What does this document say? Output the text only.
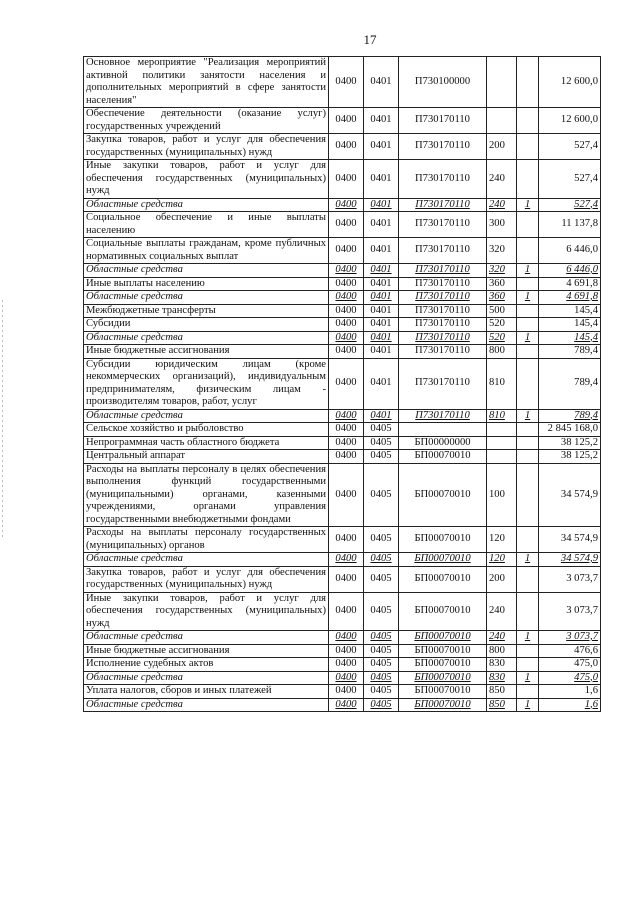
17
Основное мероприятие "Реализация мероприятий активной политики занятости населения и дополнительных мероприятий в сфере занятости населения"	0400	0401	П730100000			12 600,0
Обеспечение деятельности (оказание услуг) государственных учреждений	0400	0401	П730170110			12 600,0
Закупка товаров, работ и услуг для обеспечения государственных (муниципальных) нужд	0400	0401	П730170110	200		527,4
Иные закупки товаров, работ и услуг для обеспечения государственных (муниципальных) нужд	0400	0401	П730170110	240		527,4
Областные средства	0400	0401	П730170110	240	1	527,4
Социальное обеспечение и иные выплаты населению	0400	0401	П730170110	300		11 137,8
Социальные выплаты гражданам, кроме публичных нормативных социальных выплат	0400	0401	П730170110	320		6 446,0
Областные средства	0400	0401	П730170110	320	1	6 446,0
Иные выплаты населению	0400	0401	П730170110	360		4 691,8
Областные средства	0400	0401	П730170110	360	1	4 691,8
Межбюджетные трансферты	0400	0401	П730170110	500		145,4
Субсидии	0400	0401	П730170110	520		145,4
Областные средства	0400	0401	П730170110	520	1	145,4
Иные бюджетные ассигнования	0400	0401	П730170110	800		789,4
Субсидии юридическим лицам (кроме некоммерческих организаций), индивидуальным предпринимателям, физическим лицам - производителям товаров, работ, услуг	0400	0401	П730170110	810		789,4
Областные средства	0400	0401	П730170110	810	1	789,4
Сельское хозяйство и рыболовство	0400	0405				2 845 168,0
Непрограммная часть областного бюджета	0400	0405	БП00000000			38 125,2
Центральный аппарат	0400	0405	БП00070010			38 125,2
Расходы на выплаты персоналу в целях обеспечения выполнения функций государственными (муниципальными) органами, казенными учреждениями, органами управления государственными внебюджетными фондами	0400	0405	БП00070010	100		34 574,9
Расходы на выплаты персоналу государственных (муниципальных) органов	0400	0405	БП00070010	120		34 574,9
Областные средства	0400	0405	БП00070010	120	1	34 574,9
Закупка товаров, работ и услуг для обеспечения государственных (муниципальных) нужд	0400	0405	БП00070010	200		3 073,7
Иные закупки товаров, работ и услуг для обеспечения государственных (муниципальных) нужд	0400	0405	БП00070010	240		3 073,7
Областные средства	0400	0405	БП00070010	240	1	3 073,7
Иные бюджетные ассигнования	0400	0405	БП00070010	800		476,6
Исполнение судебных актов	0400	0405	БП00070010	830		475,0
Областные средства	0400	0405	БП00070010	830	1	475,0
Уплата налогов, сборов и иных платежей	0400	0405	БП00070010	850		1,6
Областные средства	0400	0405	БП00070010	850	1	1,6
